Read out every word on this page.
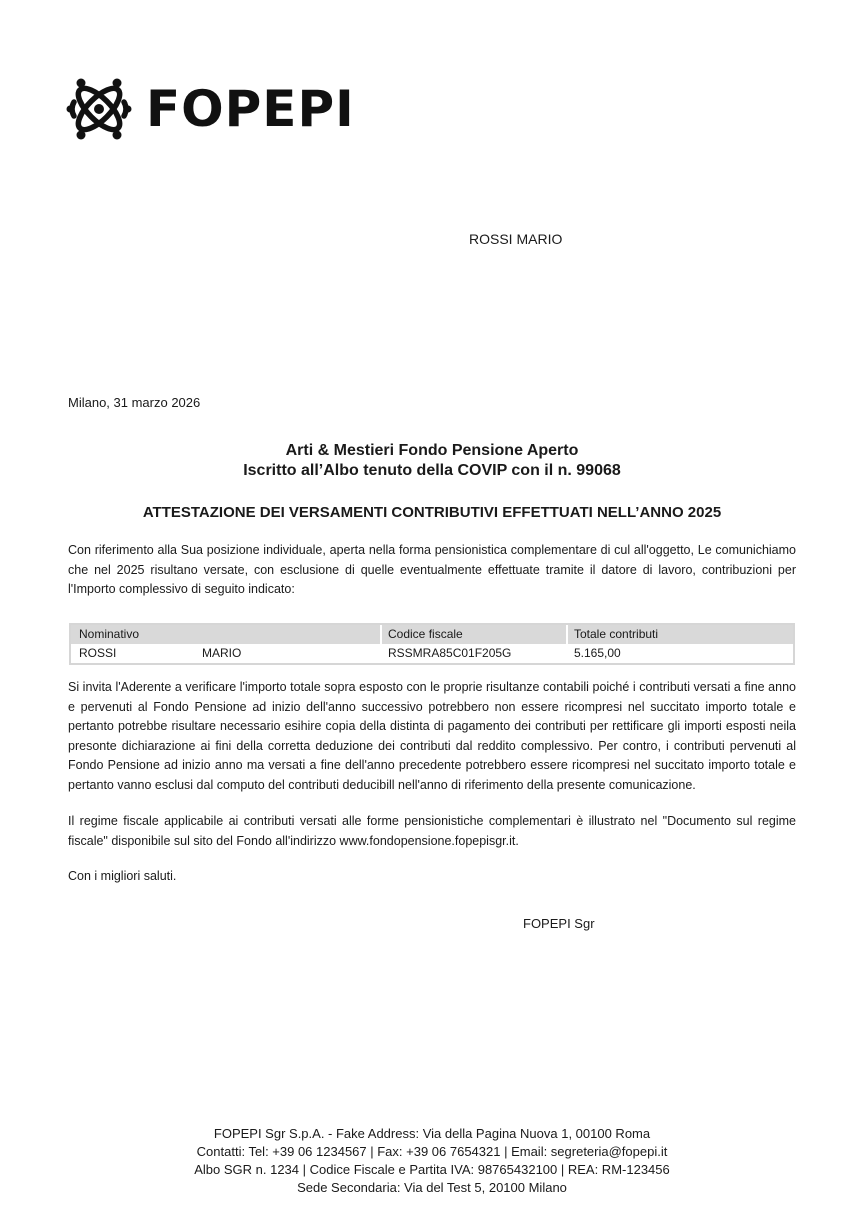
FOPEPI
ROSSI MARIO
Milano, 31 marzo 2026
Arti & Mestieri Fondo Pensione Aperto
Iscritto all’Albo tenuto della COVIP con il n. 99068
ATTESTAZIONE DEI VERSAMENTI CONTRIBUTIVI EFFETTUATI NELL’ANNO 2025
Con riferimento alla Sua posizione individuale, aperta nella forma pensionistica complementare di cul all'oggetto, Le comunichiamo che nel 2025 risultano versate, con esclusione di quelle eventualmente effettuate tramite il datore di lavoro, contribuzioni per l'Importo complessivo di seguito indicato:
Nominativo	Codice fiscale	Totale contributi
ROSSI	MARIO	RSSMRA85C01F205G	5.165,00
Si invita l'Aderente a verificare l'importo totale sopra esposto con le proprie risultanze contabili poiché i contributi versati a fine anno e pervenuti al Fondo Pensione ad inizio dell'anno successivo potrebbero non essere ricompresi nel succitato importo totale e pertanto potrebbe risultare necessario esihire copia della distinta di pagamento dei contributi per rettificare gli importi esposti neila presonte dichiarazione ai fini della corretta deduzione dei contributi dal reddito complessivo. Per contro, i contributi pervenuti al Fondo Pensione ad inizio anno ma versati a fine dell'anno precedente potrebbero essere ricompresi nel succitato importo totale e pertanto vanno esclusi dal computo del contributi deducibill nell'anno di riferimento della presente comunicazione.
Il regime fiscale applicabile ai contributi versati alle forme pensionistiche complementari è illustrato nel "Documento sul regime fiscale" disponibile sul sito del Fondo all'indirizzo www.fondopensione.fopepisgr.it.
Con i migliori saluti.
FOPEPI Sgr
FOPEPI Sgr S.p.A. - Fake Address: Via della Pagina Nuova 1, 00100 Roma
Contatti: Tel: +39 06 1234567 | Fax: +39 06 7654321 | Email: segreteria@fopepi.it
Albo SGR n. 1234 | Codice Fiscale e Partita IVA: 98765432100 | REA: RM-123456
Sede Secondaria: Via del Test 5, 20100 Milano
